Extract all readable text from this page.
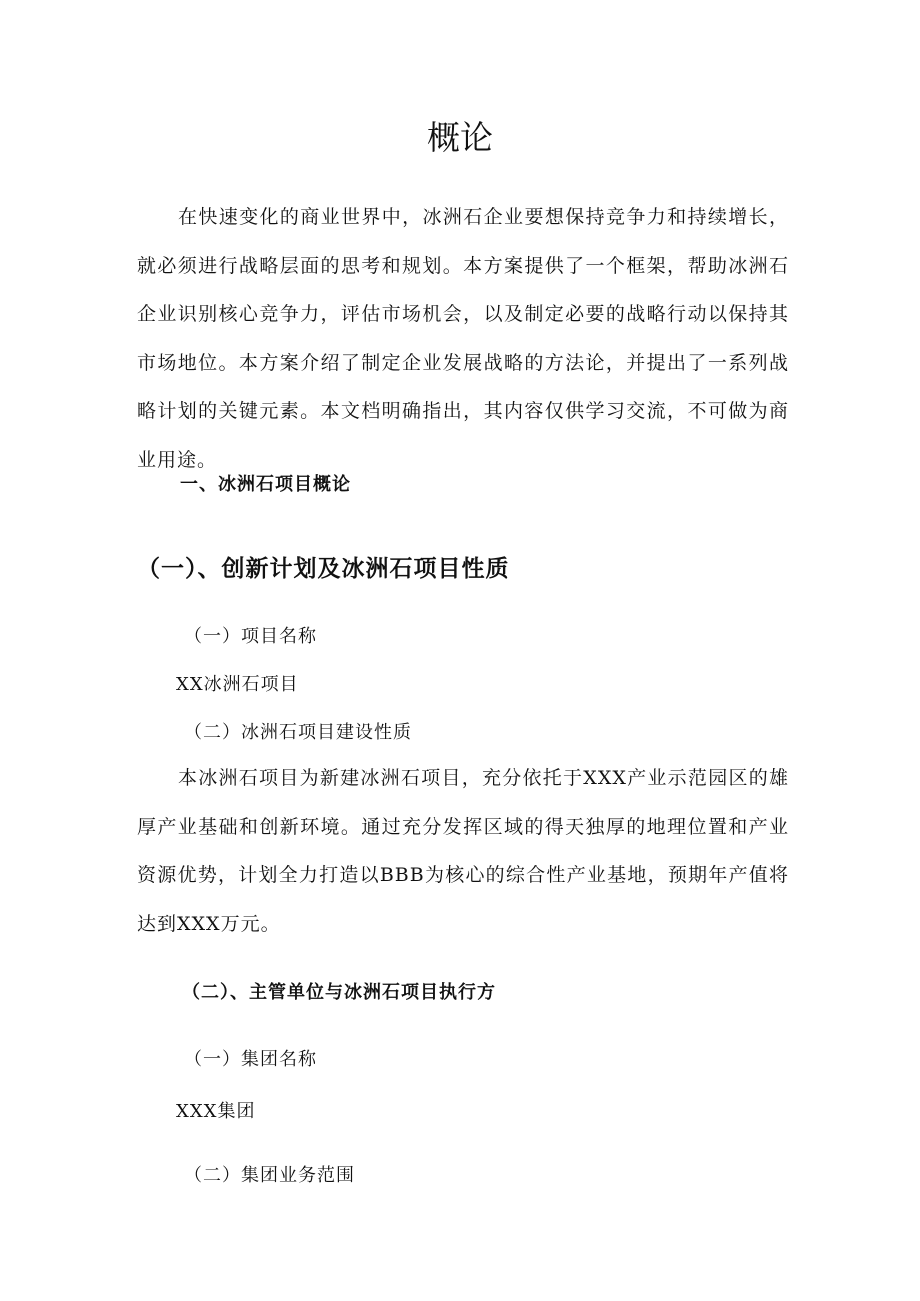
概论

在快速变化的商业世界中，冰洲石企业要想保持竞争力和持续增长，就必须进行战略层面的思考和规划。本方案提供了一个框架，帮助冰洲石企业识别核心竞争力，评估市场机会，以及制定必要的战略行动以保持其市场地位。本方案介绍了制定企业发展战略的方法论，并提出了一系列战略计划的关键元素。本文档明确指出，其内容仅供学习交流，不可做为商业用途。

一、冰洲石项目概论
（一）、创新计划及冰洲石项目性质

（一）项目名称

XX冰洲石项目

（二）冰洲石项目建设性质

本冰洲石项目为新建冰洲石项目，充分依托于XXX产业示范园区的雄厚产业基础和创新环境。通过充分发挥区域的得天独厚的地理位置和产业资源优势，计划全力打造以BBB为核心的综合性产业基地，预期年产值将达到XXX万元。

（二）、主管单位与冰洲石项目执行方

（一）集团名称

XXX集团

（二）集团业务范围
